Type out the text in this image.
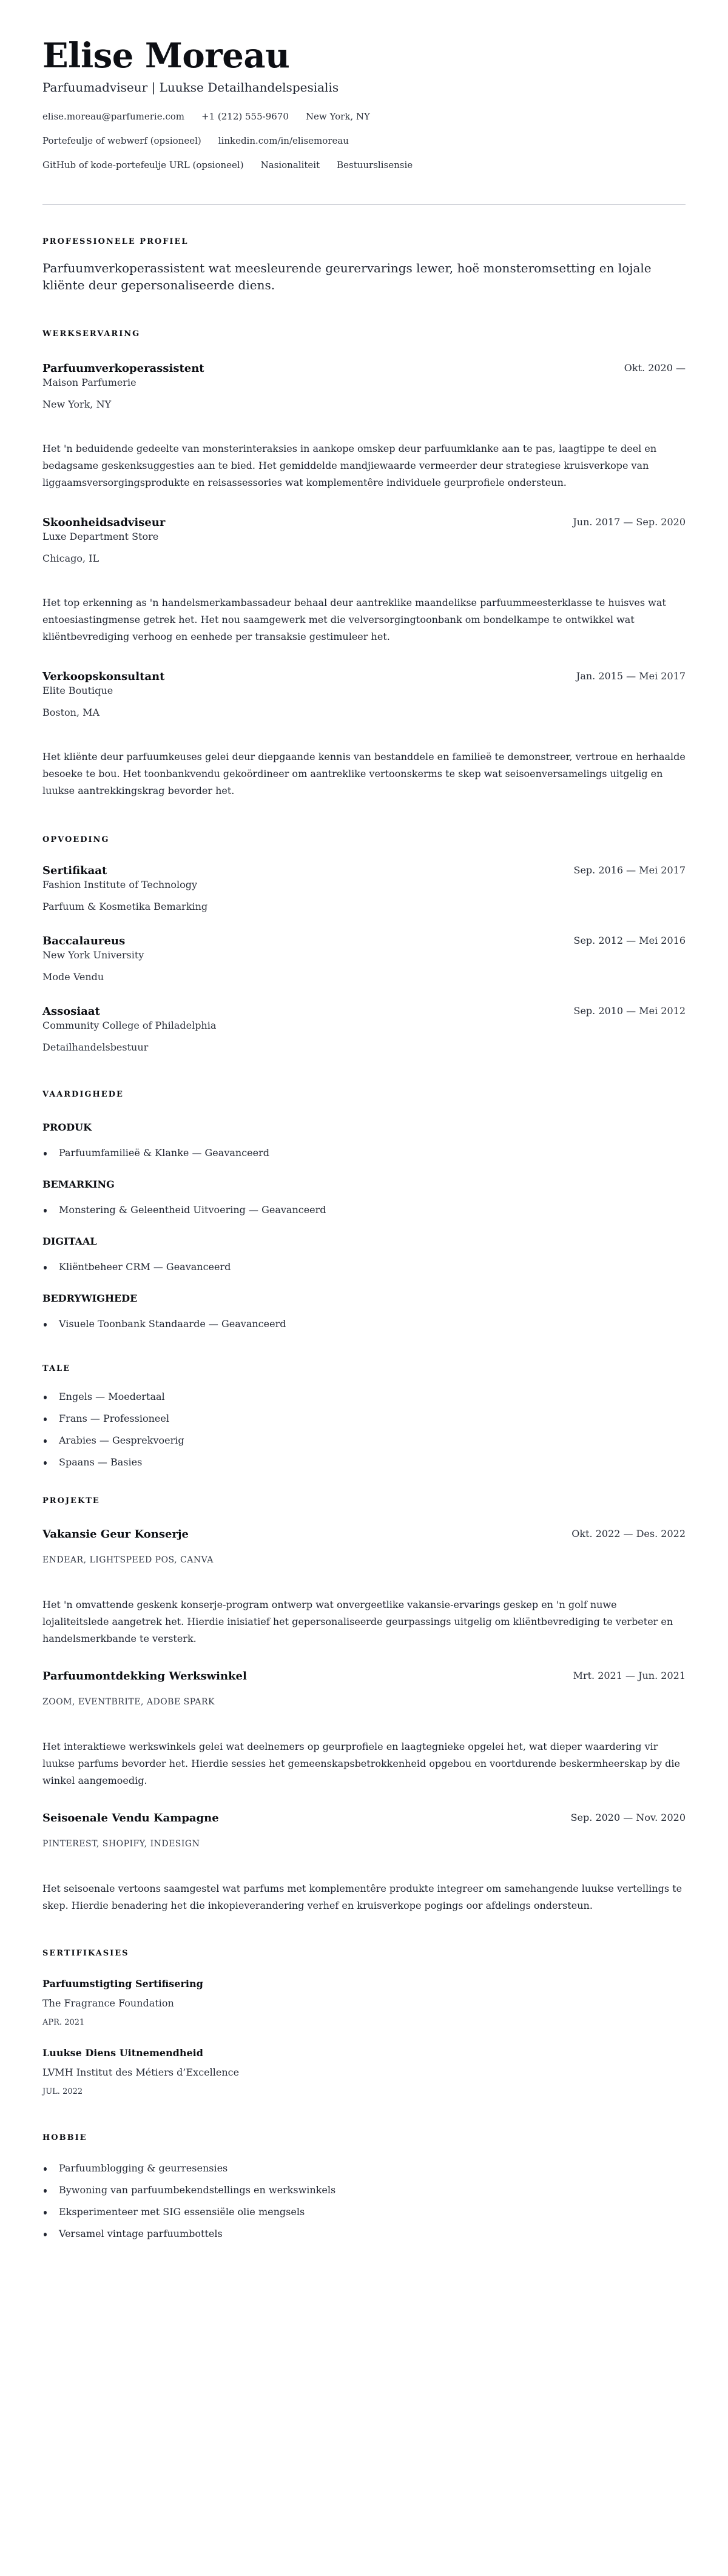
Elise Moreau
Parfuumadviseur | Luukse Detailhandelspesialis
elise.moreau@parfumerie.com +1 (212) 555-9670 New York, NY
Portefeulje of webwerf (opsioneel) linkedin.com/in/elisemoreau
GitHub of kode-portefeulje URL (opsioneel) Nasionaliteit Bestuurslisensie
PROFESSIONELE PROFIEL

Parfuumverkoperassistent wat meesleurende geurervarings lewer, hoë monsteromsetting en lojale kliënte deur gepersonaliseerde diens.

WERKSERVARING
Parfuumverkoperassistent	Okt. 2020 —
Maison Parfumerie
New York, NY

Het 'n beduidende gedeelte van monsterinteraksies in aankope omskep deur parfuumklanke aan te pas, laagtippe te deel en bedagsame geskenksuggesties aan te bied. Het gemiddelde mandjiewaarde vermeerder deur strategiese kruisverkope van liggaamsversorgingsprodukte en reisassessories wat komplementêre individuele geurprofiele ondersteun.

Skoonheidsadviseur	Jun. 2017 — Sep. 2020
Luxe Department Store
Chicago, IL

Het top erkenning as 'n handelsmerkambassadeur behaal deur aantreklike maandelikse parfuummeesterklasse te huisves wat entoesiastingmense getrek het. Het nou saamgewerk met die velversorgingtoonbank om bondelkampe te ontwikkel wat kliëntbevrediging verhoog en eenhede per transaksie gestimuleer het.

Verkoopskonsultant	Jan. 2015 — Mei 2017
Elite Boutique
Boston, MA

Het kliënte deur parfuumkeuses gelei deur diepgaande kennis van bestanddele en familieë te demonstreer, vertroue en herhaalde besoeke te bou. Het toonbankvendu gekoördineer om aantreklike vertoonskerms te skep wat seisoenversamelings uitgelig en luukse aantrekkingskrag bevorder het.

OPVOEDING
Sertifikaat	Sep. 2016 — Mei 2017
Fashion Institute of Technology
Parfuum & Kosmetika Bemarking
Baccalaureus	Sep. 2012 — Mei 2016
New York University
Mode Vendu
Assosiaat	Sep. 2010 — Mei 2012
Community College of Philadelphia
Detailhandelsbestuur
VAARDIGHEDE
PRODUK
Parfuumfamilieë & Klanke — Geavanceerd
BEMARKING
Monstering & Geleentheid Uitvoering — Geavanceerd
DIGITAAL
Kliëntbeheer CRM — Geavanceerd
BEDRYWIGHEDE
Visuele Toonbank Standaarde — Geavanceerd
TALE
Engels — Moedertaal
Frans — Professioneel
Arabies — Gesprekvoerig
Spaans — Basies
PROJEKTE
Vakansie Geur Konserje	Okt. 2022 — Des. 2022
ENDEAR, LIGHTSPEED POS, CANVA

Het 'n omvattende geskenk konserje-program ontwerp wat onvergeetlike vakansie-ervarings geskep en 'n golf nuwe lojaliteitslede aangetrek het. Hierdie inisiatief het gepersonaliseerde geurpassings uitgelig om kliëntbevrediging te verbeter en handelsmerkbande te versterk.

Parfuumontdekking Werkswinkel	Mrt. 2021 — Jun. 2021
ZOOM, EVENTBRITE, ADOBE SPARK

Het interaktiewe werkswinkels gelei wat deelnemers op geurprofiele en laagtegnieke opgelei het, wat dieper waardering vir luukse parfums bevorder het. Hierdie sessies het gemeenskapsbetrokkenheid opgebou en voortdurende beskermheerskap by die winkel aangemoedig.

Seisoenale Vendu Kampagne	Sep. 2020 — Nov. 2020
PINTEREST, SHOPIFY, INDESIGN

Het seisoenale vertoons saamgestel wat parfums met komplementêre produkte integreer om samehangende luukse vertellings te skep. Hierdie benadering het die inkopieverandering verhef en kruisverkope pogings oor afdelings ondersteun.

SERTIFIKASIES
Parfuumstigting Sertifisering
The Fragrance Foundation
APR. 2021
Luukse Diens Uitnemendheid
LVMH Institut des Métiers d’Excellence
JUL. 2022
HOBBIE
Parfuumblogging & geurresensies
Bywoning van parfuumbekendstellings en werkswinkels
Eksperimenteer met SIG essensiële olie mengsels
Versamel vintage parfuumbottels
